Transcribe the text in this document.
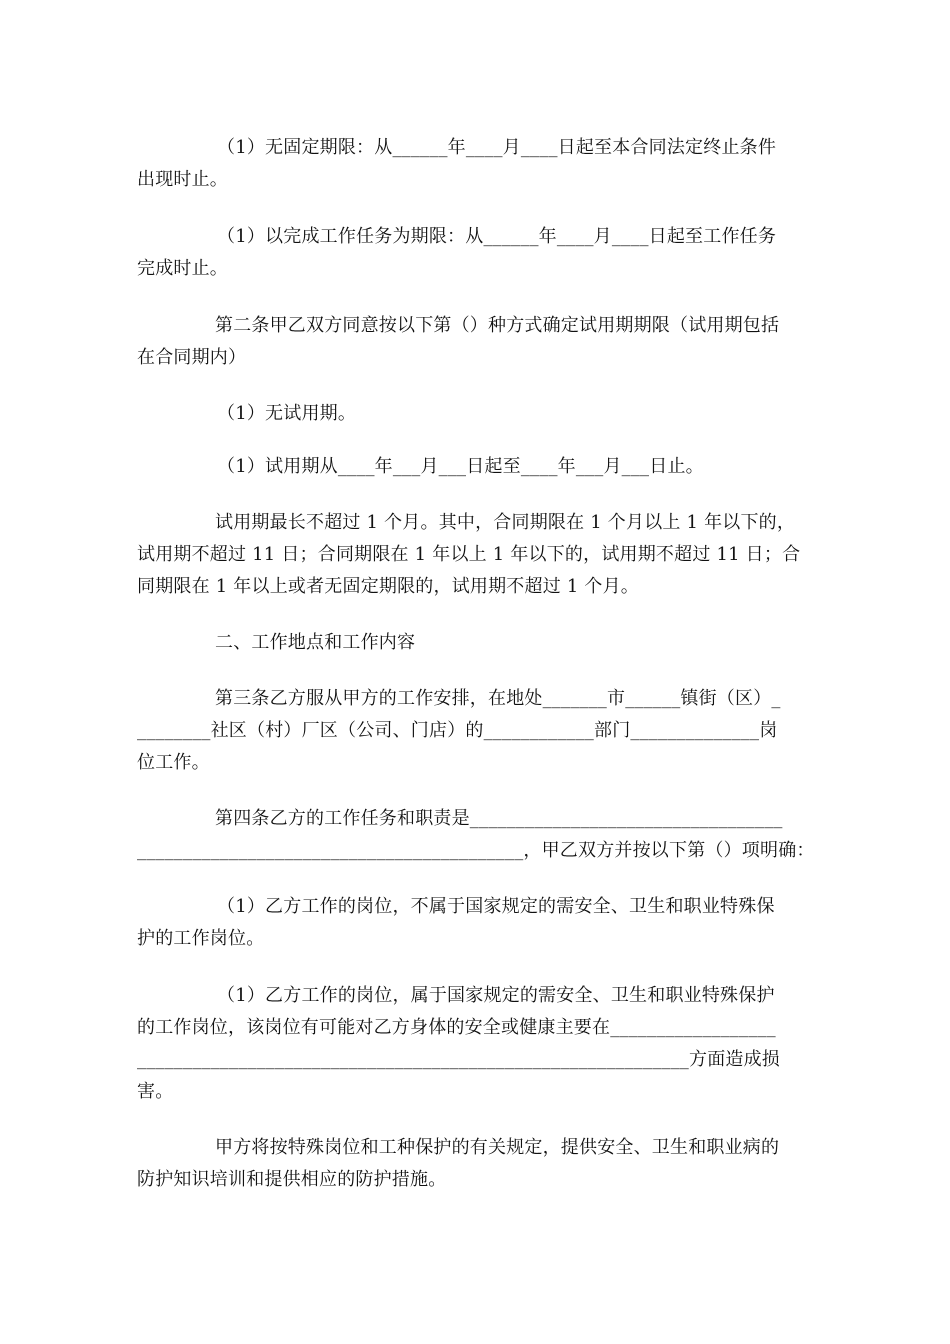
（1）无固定期限：从______年____月____日起至本合同法定终止条件
出现时止。
（1）以完成工作任务为期限：从______年____月____日起至工作任务
完成时止。
第二条甲乙双方同意按以下第（）种方式确定试用期期限（试用期包括
在合同期内）
（1）无试用期。
（1）试用期从____年___月___日起至____年___月___日止。
试用期最长不超过 1 个月。其中，合同期限在 1 个月以上 1 年以下的，
试用期不超过 11 日；合同期限在 1 年以上 1 年以下的，试用期不超过 11 日；合
同期限在 1 年以上或者无固定期限的，试用期不超过 1 个月。
二、工作地点和工作内容
第三条乙方服从甲方的工作安排，在地处_______市______镇街（区）_
________社区（村）厂区（公司、门店）的____________部门______________岗
位工作。
第四条乙方的工作任务和职责是__________________________________
__________________________________________，甲乙双方并按以下第（）项明确：
（1）乙方工作的岗位，不属于国家规定的需安全、卫生和职业特殊保
护的工作岗位。
（1）乙方工作的岗位，属于国家规定的需安全、卫生和职业特殊保护
的工作岗位，该岗位有可能对乙方身体的安全或健康主要在__________________
____________________________________________________________方面造成损
害。
甲方将按特殊岗位和工种保护的有关规定，提供安全、卫生和职业病的
防护知识培训和提供相应的防护措施。
